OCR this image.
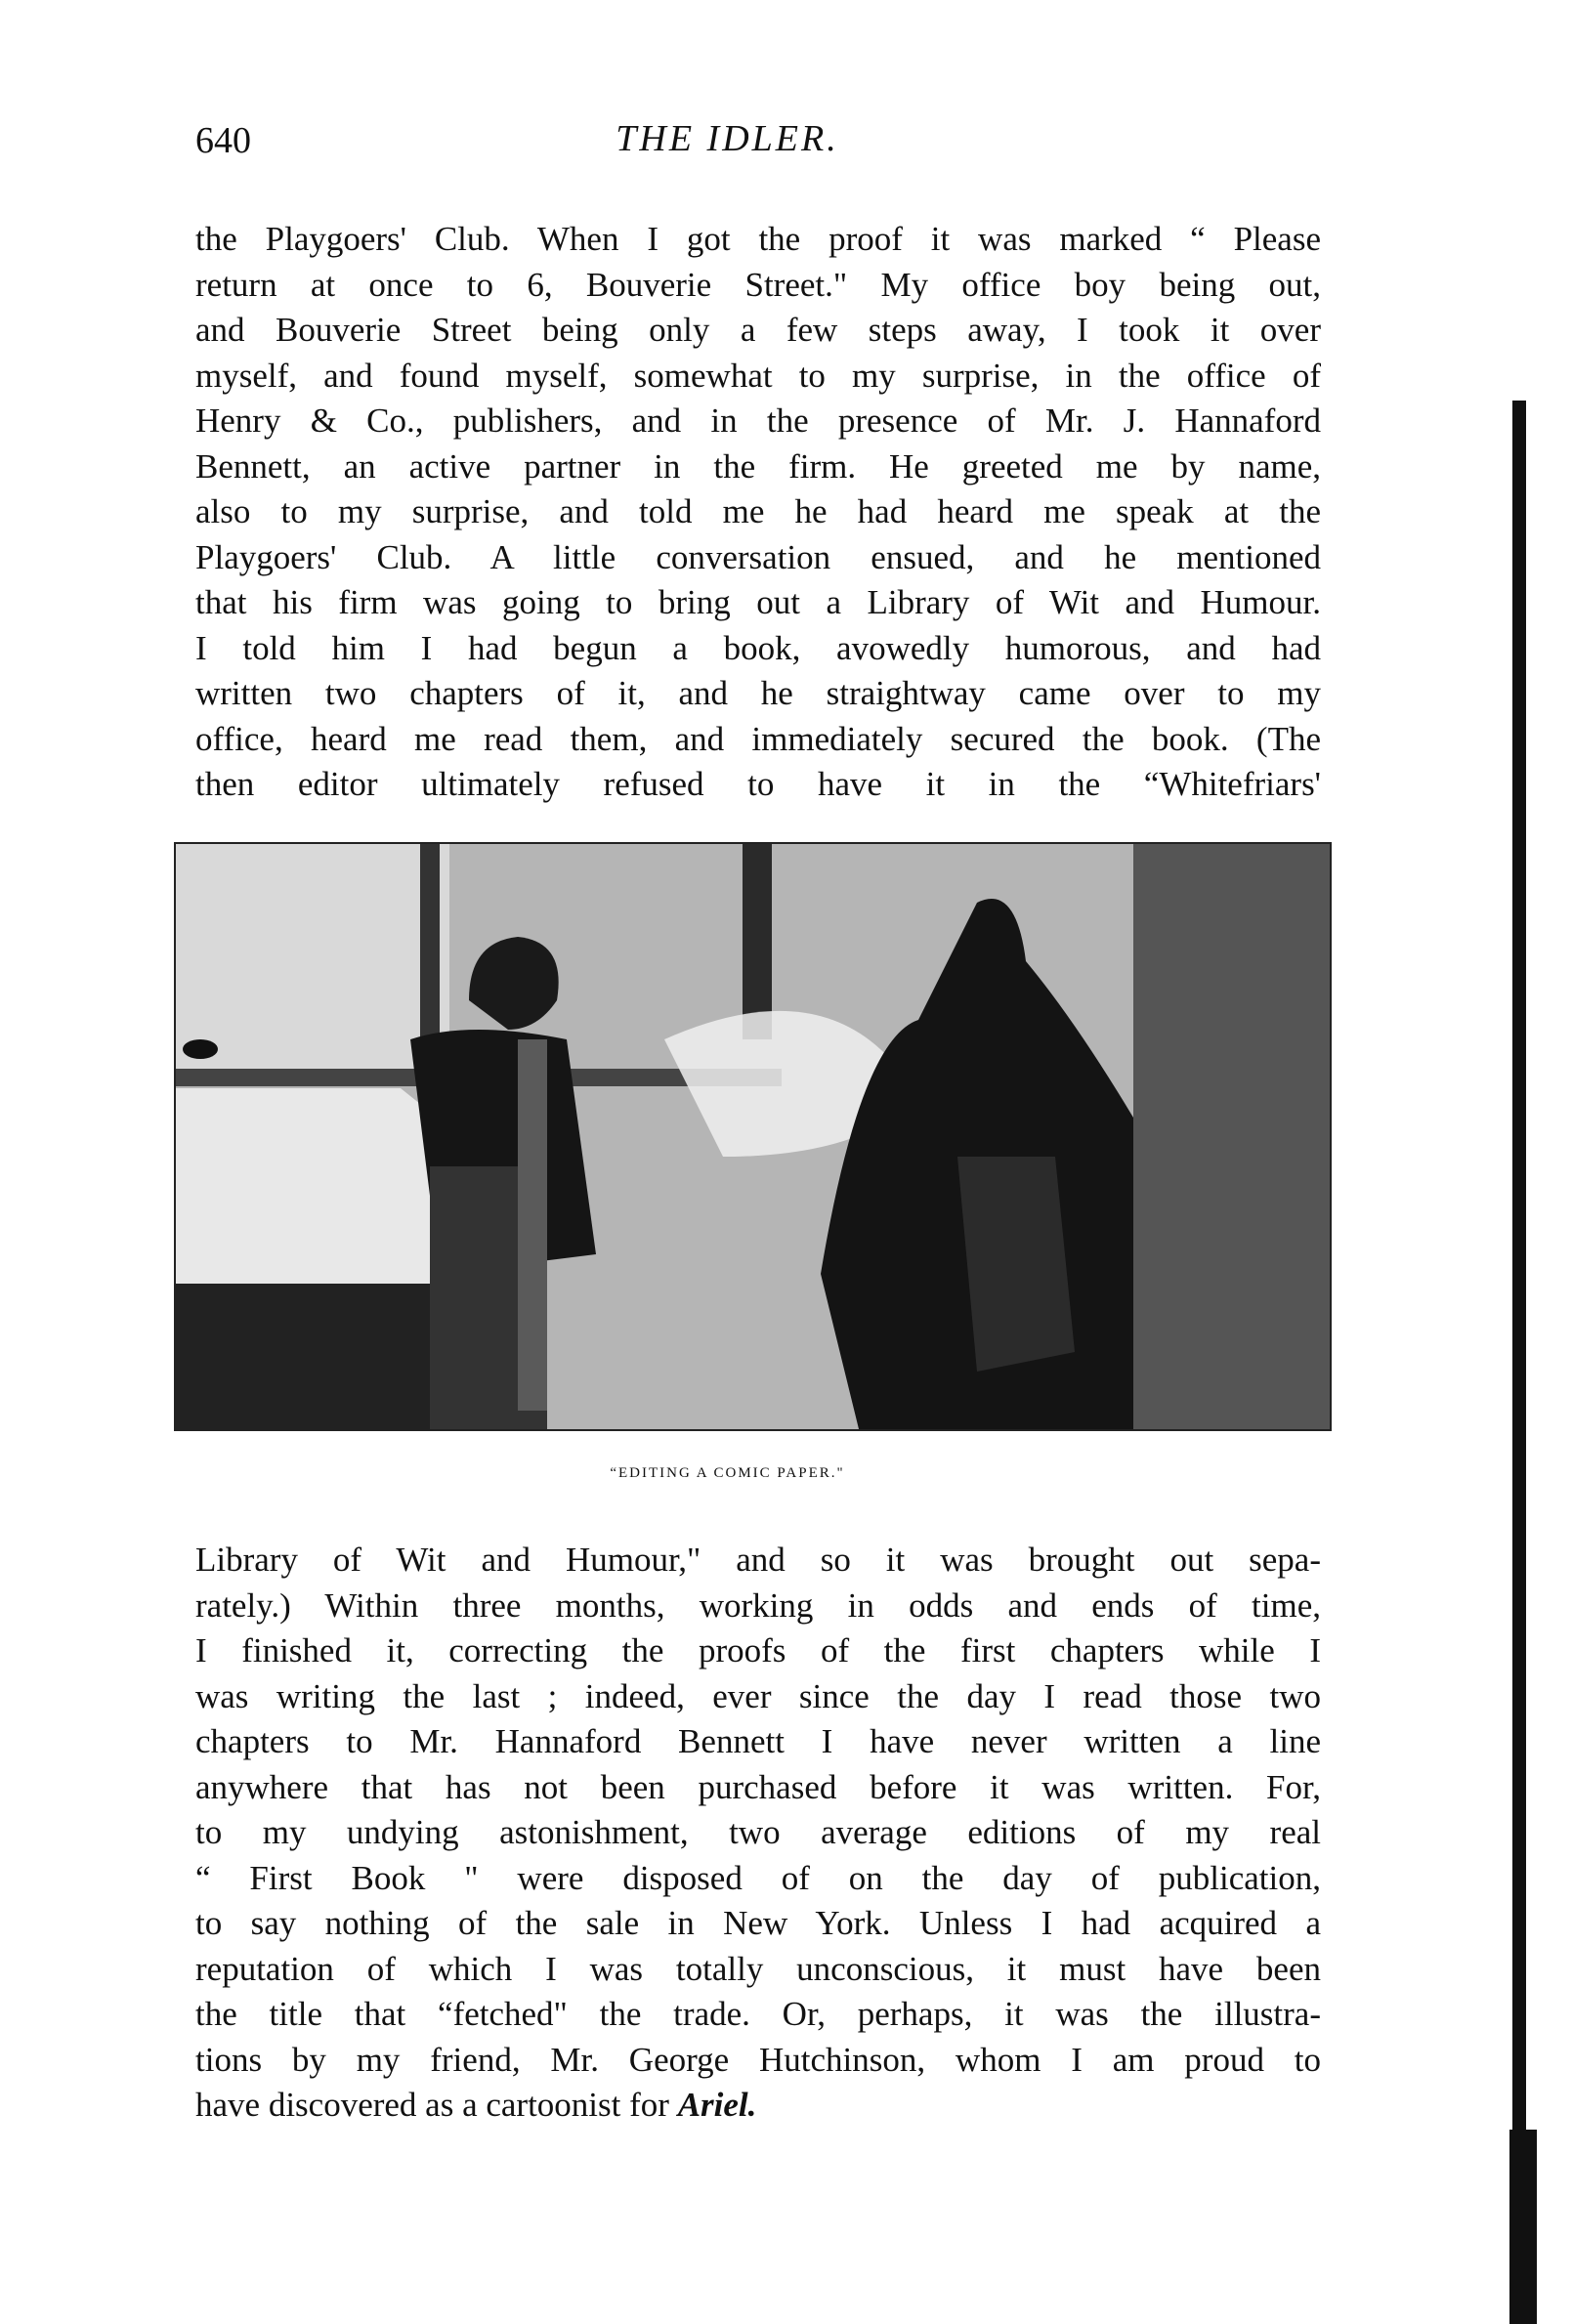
640	THE IDLER.
the Playgoers' Club. When I got the proof it was marked “ Please
return at once to 6, Bouverie Street." My office boy being out,
and Bouverie Street being only a few steps away, I took it over
myself, and found myself, somewhat to my surprise, in the office of
Henry & Co., publishers, and in the presence of Mr. J. Hannaford
Bennett, an active partner in the firm. He greeted me by name,
also to my surprise, and told me he had heard me speak at the
Playgoers' Club. A little conversation ensued, and he mentioned
that his firm was going to bring out a Library of Wit and Humour.
I told him I had begun a book, avowedly humorous, and had
written two chapters of it, and he straightway came over to my
office, heard me read them, and immediately secured the book. (The
then editor ultimately refused to have it in the “Whitefriars'
“EDITING A COMIC PAPER."
Library of Wit and Humour," and so it was brought out sepa-
rately.) Within three months, working in odds and ends of time,
I finished it, correcting the proofs of the first chapters while I
was writing the last ; indeed, ever since the day I read those two
chapters to Mr. Hannaford Bennett I have never written a line
anywhere that has not been purchased before it was written. For,
to my undying astonishment, two average editions of my real
“ First Book " were disposed of on the day of publication,
to say nothing of the sale in New York. Unless I had acquired a
reputation of which I was totally unconscious, it must have been
the title that “fetched" the trade. Or, perhaps, it was the illustra-
tions by my friend, Mr. George Hutchinson, whom I am proud to
have discovered as a cartoonist for Ariel.
